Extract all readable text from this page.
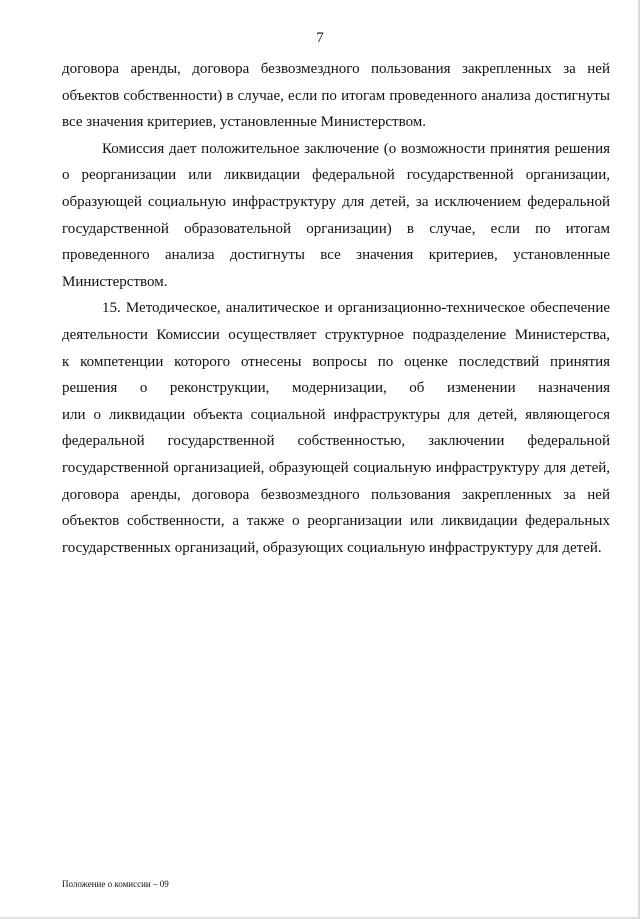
7
договора аренды, договора безвозмездного пользования закрепленных за ней
объектов собственности) в случае, если по итогам проведенного анализа достигнуты
все значения критериев, установленные Министерством.
Комиссия дает положительное заключение (о возможности принятия решения
о реорганизации или ликвидации федеральной государственной организации,
образующей социальную инфраструктуру для детей, за исключением федеральной
государственной образовательной организации) в случае, если по итогам
проведенного анализа достигнуты все значения критериев, установленные
Министерством.
15. Методическое, аналитическое и организационно-техническое обеспечение
деятельности Комиссии осуществляет структурное подразделение Министерства,
к компетенции которого отнесены вопросы по оценке последствий принятия
решения о реконструкции, модернизации, об изменении назначения
или о ликвидации объекта социальной инфраструктуры для детей, являющегося
федеральной государственной собственностью, заключении федеральной
государственной организацией, образующей социальную инфраструктуру для детей,
договора аренды, договора безвозмездного пользования закрепленных за ней
объектов собственности, а также о реорганизации или ликвидации федеральных
государственных организаций, образующих социальную инфраструктуру для детей.
Положение о комиссии – 09
